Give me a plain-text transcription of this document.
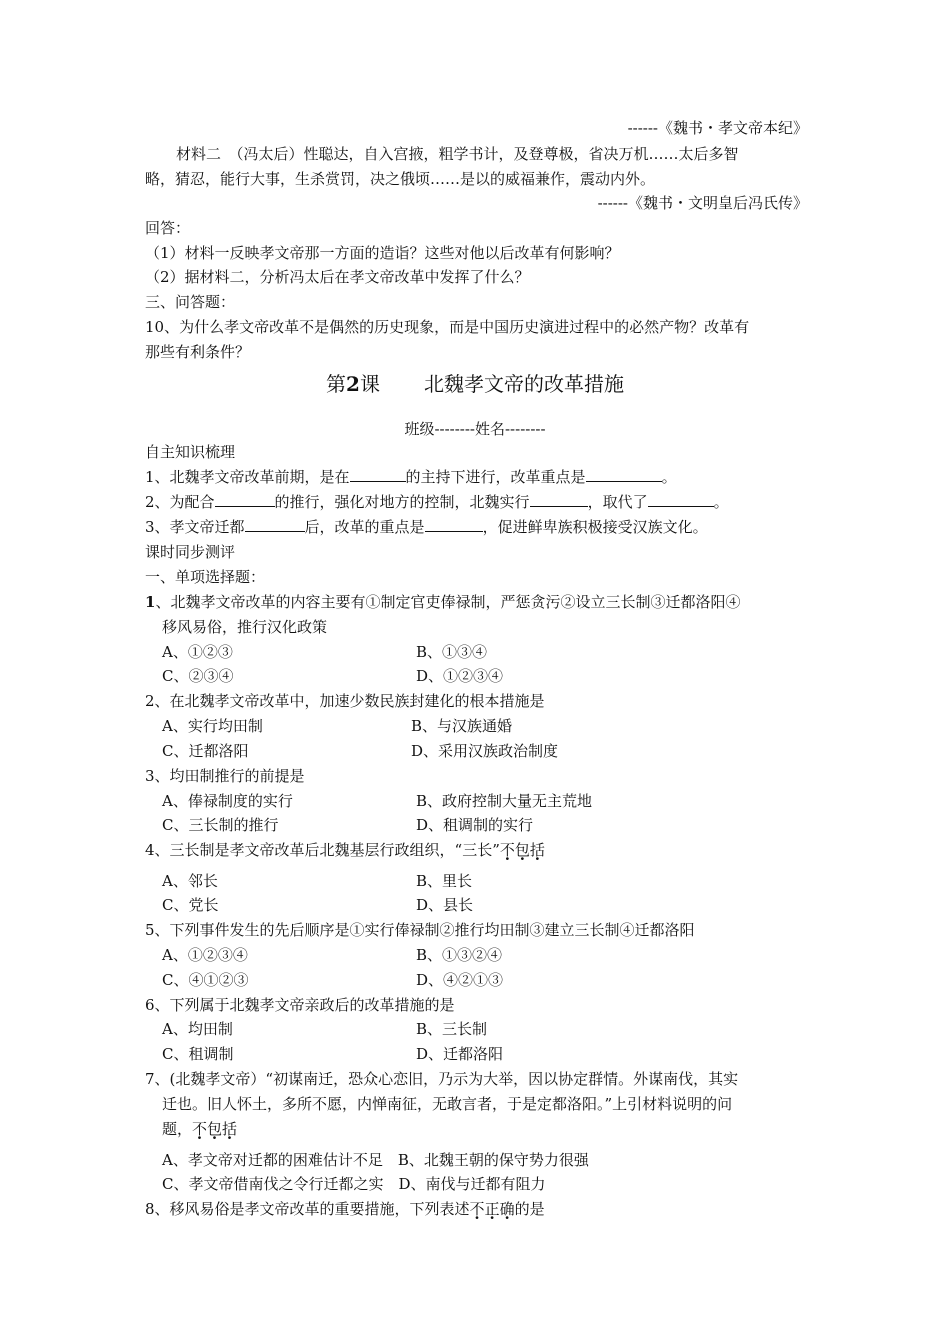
------《魏书・孝文帝本纪》
材料二　（冯太后）性聪达，自入宫掖，粗学书计，及登尊极，省决万机……太后多智
略，猜忍，能行大事，生杀赏罚，决之俄顷……是以的威福兼作，震动内外。
------《魏书・文明皇后冯氏传》
回答：
（1）材料一反映孝文帝那一方面的造诣？这些对他以后改革有何影响？
（2）据材料二，分析冯太后在孝文帝改革中发挥了什么？
三、问答题：
10、为什么孝文帝改革不是偶然的历史现象，而是中国历史演进过程中的必然产物？改革有
那些有利条件？
第2课 北魏孝文帝的改革措施
班级--------姓名--------
自主知识梳理
1、北魏孝文帝改革前期，是在	的主持下进行，改革重点是	。
2、为配合	的推行，强化对地方的控制，北魏实行	，取代了	。
3、孝文帝迁都	后，改革的重点是	，促进鲜卑族积极接受汉族文化。
课时同步测评
一、单项选择题：
1、北魏孝文帝改革的内容主要有①制定官吏俸禄制，严惩贪污②设立三长制③迁都洛阳④
移风易俗，推行汉化政策
A、①②③	B、①③④
C、②③④	D、①②③④
2、在北魏孝文帝改革中，加速少数民族封建化的根本措施是
A、实行均田制	B、与汉族通婚
C、迁都洛阳	D、采用汉族政治制度
3、均田制推行的前提是
A、俸禄制度的实行	B、政府控制大量无主荒地
C、三长制的推行	D、租调制的实行
4、三长制是孝文帝改革后北魏基层行政组织，“三长”不包括
A、邻长	B、里长
C、党长	D、县长
5、下列事件发生的先后顺序是①实行俸禄制②推行均田制③建立三长制④迁都洛阳
A、①②③④	B、①③②④
C、④①②③	D、④②①③
6、下列属于北魏孝文帝亲政后的改革措施的是
A、均田制	B、三长制
C、租调制	D、迁都洛阳
7、(北魏孝文帝）“初谋南迁，恐众心恋旧，乃示为大举，因以协定群情。外谋南伐，其实
迁也。旧人怀土，多所不愿，内惮南征，无敢言者，于是定都洛阳。”上引材料说明的问
题，不包括
A、孝文帝对迁都的困难估计不足　B、北魏王朝的保守势力很强
C、孝文帝借南伐之令行迁都之实　D、南伐与迁都有阻力
8、移风易俗是孝文帝改革的重要措施，下列表述不正确的是
